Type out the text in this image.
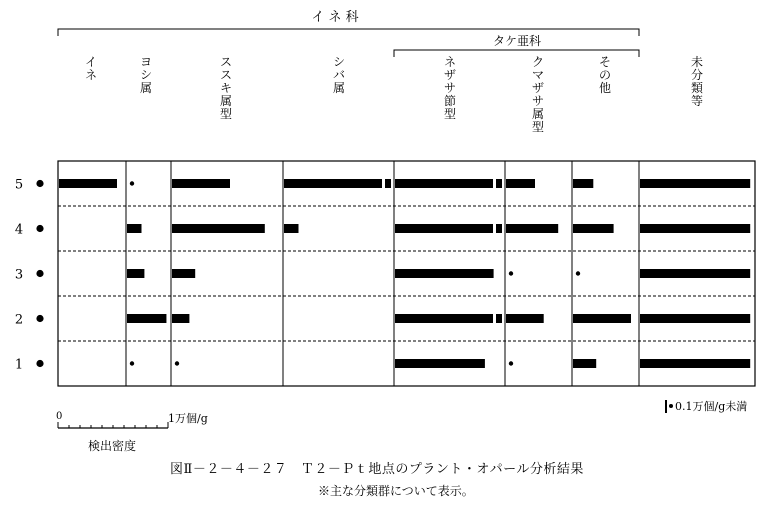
イ ネ 科
タケ亜科
イネ
ヨシ属
ススキ属型
シバ属
ネザサ節型
クマザサ属型
その他
未分類等
5
4
3
2
1
0.1万個/g未満
0	1万個/g
検出密度
図Ⅱ－２－４－２７　Ｔ２－Ｐｔ地点のプラント・オパール分析結果
※主な分類群について表示。
